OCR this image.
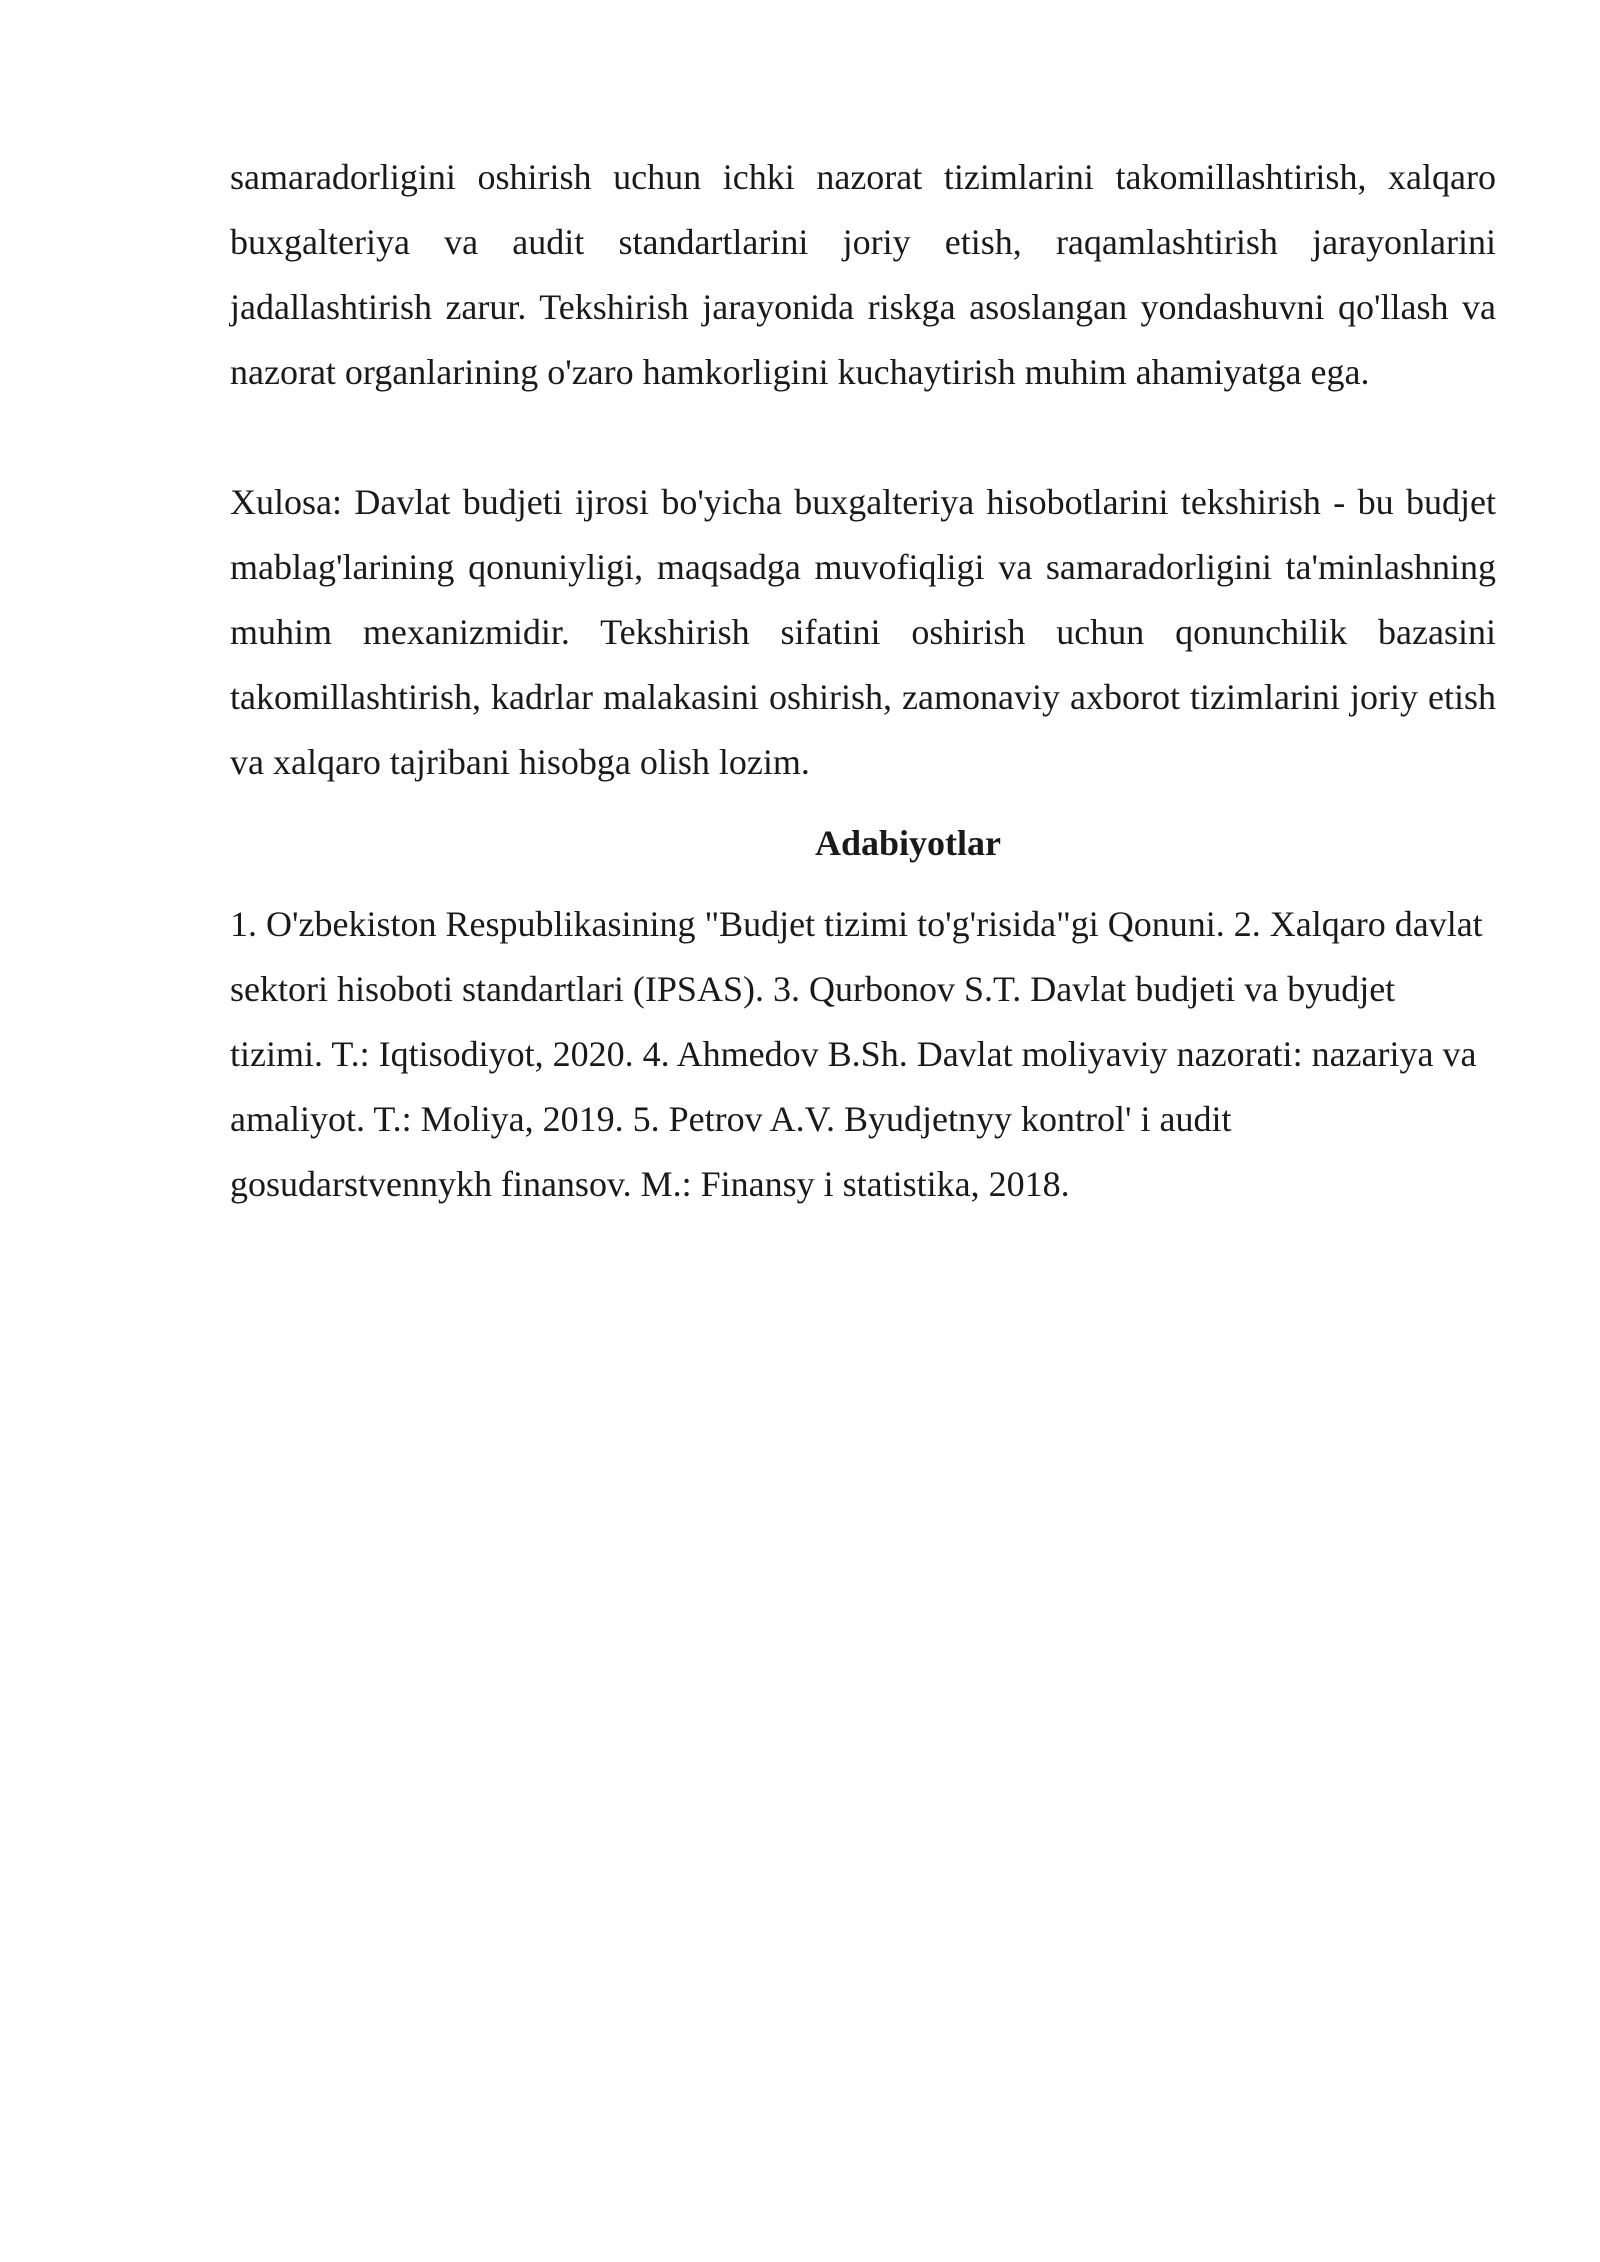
samaradorligini oshirish uchun ichki nazorat tizimlarini takomillashtirish, xalqaro buxgalteriya va audit standartlarini joriy etish, raqamlashtirish jarayonlarini jadallashtirish zarur. Tekshirish jarayonida riskga asoslangan yondashuvni qo'llash va nazorat organlarining o'zaro hamkorligini kuchaytirish muhim ahamiyatga ega.

Xulosa: Davlat budjeti ijrosi bo'yicha buxgalteriya hisobotlarini tekshirish - bu budjet mablag'larining qonuniyligi, maqsadga muvofiqligi va samaradorligini ta'minlashning muhim mexanizmidir. Tekshirish sifatini oshirish uchun qonunchilik bazasini takomillashtirish, kadrlar malakasini oshirish, zamonaviy axborot tizimlarini joriy etish va xalqaro tajribani hisobga olish lozim.

Adabiyotlar

1. O'zbekiston Respublikasining "Budjet tizimi to'g'risida"gi Qonuni. 2. Xalqaro davlat sektori hisoboti standartlari (IPSAS). 3. Qurbonov S.T. Davlat budjeti va byudjet tizimi. T.: Iqtisodiyot, 2020. 4. Ahmedov B.Sh. Davlat moliyaviy nazorati: nazariya va amaliyot. T.: Moliya, 2019. 5. Petrov A.V. Byudjetnyy kontrol' i audit gosudarstvennykh finansov. M.: Finansy i statistika, 2018.
